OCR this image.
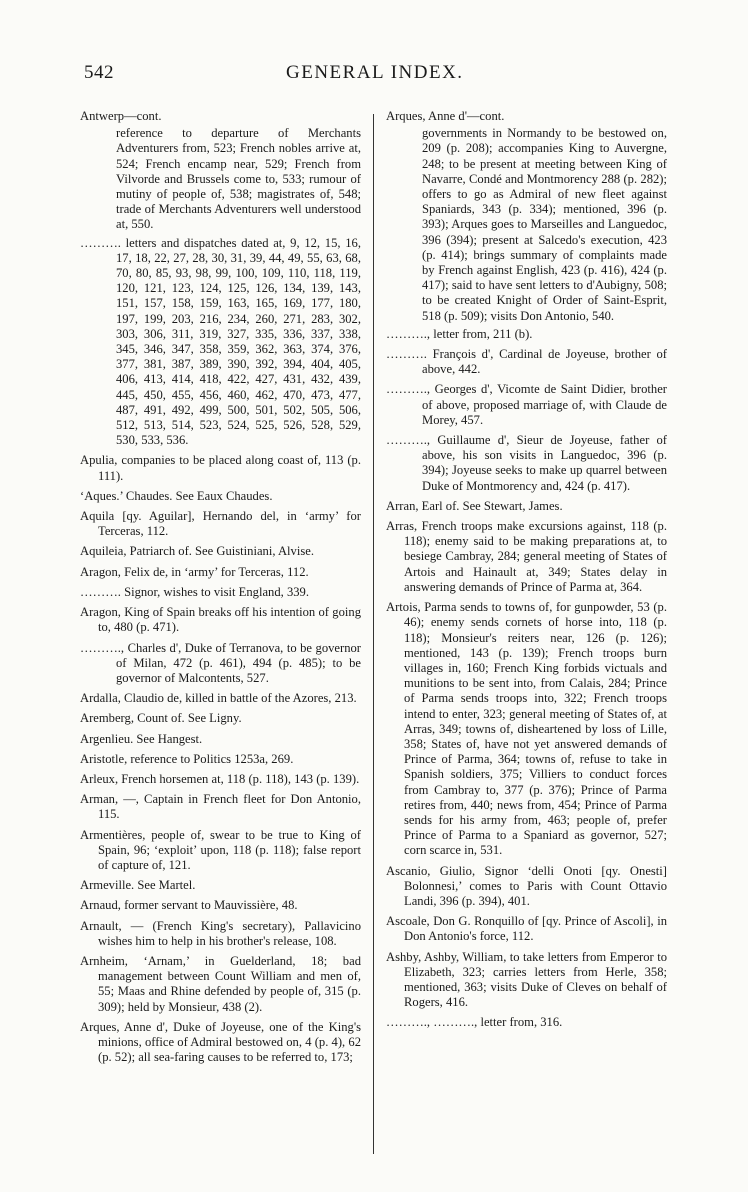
542	GENERAL INDEX.

Antwerp—cont.

reference to departure of Merchants Adventurers from, 523; French nobles arrive at, 524; French encamp near, 529; French from Vilvorde and Brussels come to, 533; rumour of mutiny of people of, 538; magistrates of, 548; trade of Merchants Adventurers well understood at, 550.

………. letters and dispatches dated at, 9, 12, 15, 16, 17, 18, 22, 27, 28, 30, 31, 39, 44, 49, 55, 63, 68, 70, 80, 85, 93, 98, 99, 100, 109, 110, 118, 119, 120, 121, 123, 124, 125, 126, 134, 139, 143, 151, 157, 158, 159, 163, 165, 169, 177, 180, 197, 199, 203, 216, 234, 260, 271, 283, 302, 303, 306, 311, 319, 327, 335, 336, 337, 338, 345, 346, 347, 358, 359, 362, 363, 374, 376, 377, 381, 387, 389, 390, 392, 394, 404, 405, 406, 413, 414, 418, 422, 427, 431, 432, 439, 445, 450, 455, 456, 460, 462, 470, 473, 477, 487, 491, 492, 499, 500, 501, 502, 505, 506, 512, 513, 514, 523, 524, 525, 526, 528, 529, 530, 533, 536.

Apulia, companies to be placed along coast of, 113 (p. 111).

‘Aques.’ Chaudes. See Eaux Chaudes.

Aquila [qy. Aguilar], Hernando del, in ‘army’ for Terceras, 112.

Aquileia, Patriarch of. See Guistiniani, Alvise.

Aragon, Felix de, in ‘army’ for Terceras, 112.

………. Signor, wishes to visit England, 339.

Aragon, King of Spain breaks off his intention of going to, 480 (p. 471).

………., Charles d', Duke of Terranova, to be governor of Milan, 472 (p. 461), 494 (p. 485); to be governor of Malcontents, 527.

Ardalla, Claudio de, killed in battle of the Azores, 213.

Aremberg, Count of. See Ligny.

Argenlieu. See Hangest.

Aristotle, reference to Politics 1253a, 269.

Arleux, French horsemen at, 118 (p. 118), 143 (p. 139).

Arman, —, Captain in French fleet for Don Antonio, 115.

Armentières, people of, swear to be true to King of Spain, 96; ‘exploit’ upon, 118 (p. 118); false report of capture of, 121.

Armeville. See Martel.

Arnaud, former servant to Mauvissière, 48.

Arnault, — (French King's secretary), Pallavicino wishes him to help in his brother's release, 108.

Arnheim, ‘Arnam,’ in Guelderland, 18; bad management between Count William and men of, 55; Maas and Rhine defended by people of, 315 (p. 309); held by Monsieur, 438 (2).

Arques, Anne d', Duke of Joyeuse, one of the King's minions, office of Admiral bestowed on, 4 (p. 4), 62 (p. 52); all sea-faring causes to be referred to, 173;

Arques, Anne d'—cont.

governments in Normandy to be bestowed on, 209 (p. 208); accompanies King to Auvergne, 248; to be present at meeting between King of Navarre, Condé and Montmorency 288 (p. 282); offers to go as Admiral of new fleet against Spaniards, 343 (p. 334); mentioned, 396 (p. 393); Arques goes to Marseilles and Languedoc, 396 (394); present at Salcedo's execution, 423 (p. 414); brings summary of complaints made by French against English, 423 (p. 416), 424 (p. 417); said to have sent letters to d'Aubigny, 508; to be created Knight of Order of Saint-Esprit, 518 (p. 509); visits Don Antonio, 540.

………., letter from, 211 (b).

………. François d', Cardinal de Joyeuse, brother of above, 442.

………., Georges d', Vicomte de Saint Didier, brother of above, proposed marriage of, with Claude de Morey, 457.

………., Guillaume d', Sieur de Joyeuse, father of above, his son visits in Languedoc, 396 (p. 394); Joyeuse seeks to make up quarrel between Duke of Montmorency and, 424 (p. 417).

Arran, Earl of. See Stewart, James.

Arras, French troops make excursions against, 118 (p. 118); enemy said to be making preparations at, to besiege Cambray, 284; general meeting of States of Artois and Hainault at, 349; States delay in answering demands of Prince of Parma at, 364.

Artois, Parma sends to towns of, for gunpowder, 53 (p. 46); enemy sends cornets of horse into, 118 (p. 118); Monsieur's reiters near, 126 (p. 126); mentioned, 143 (p. 139); French troops burn villages in, 160; French King forbids victuals and munitions to be sent into, from Calais, 284; Prince of Parma sends troops into, 322; French troops intend to enter, 323; general meeting of States of, at Arras, 349; towns of, disheartened by loss of Lille, 358; States of, have not yet answered demands of Prince of Parma, 364; towns of, refuse to take in Spanish soldiers, 375; Villiers to conduct forces from Cambray to, 377 (p. 376); Prince of Parma retires from, 440; news from, 454; Prince of Parma sends for his army from, 463; people of, prefer Prince of Parma to a Spaniard as governor, 527; corn scarce in, 531.

Ascanio, Giulio, Signor ‘delli Onoti [qy. Onesti] Bolonnesi,’ comes to Paris with Count Ottavio Landi, 396 (p. 394), 401.

Ascoale, Don G. Ronquillo of [qy. Prince of Ascoli], in Don Antonio's force, 112.

Ashby, Ashby, William, to take letters from Emperor to Elizabeth, 323; carries letters from Herle, 358; mentioned, 363; visits Duke of Cleves on behalf of Rogers, 416.

………., ………., letter from, 316.
